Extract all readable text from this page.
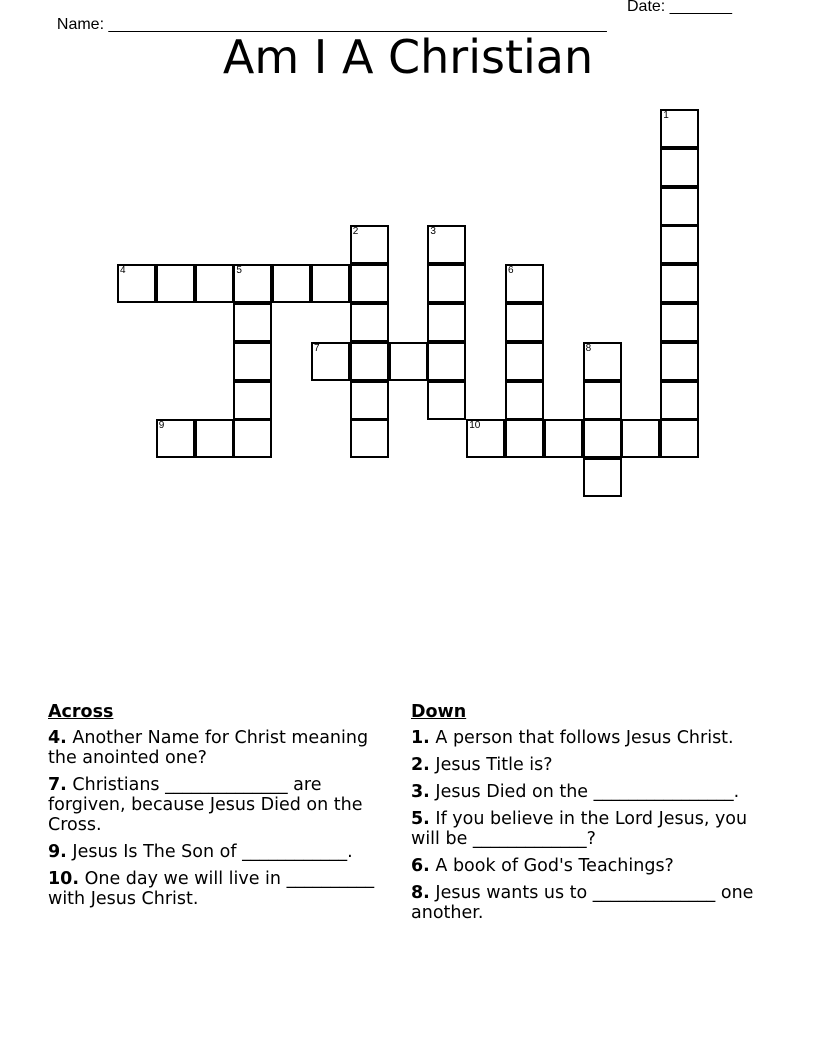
Name: ________________________________________________________

Date: _______

Am I A Christian
1
2	3
4	5	6
7	8
9	10
Across
4. Another Name for Christ meaning the anointed one?
7. Christians ______________ are forgiven, because Jesus Died on the Cross.
9. Jesus Is The Son of ____________.
10. One day we will live in __________ with Jesus Christ.
Down
1. A person that follows Jesus Christ.
2. Jesus Title is?
3. Jesus Died on the ________________.
5. If you believe in the Lord Jesus, you will be _____________?
6. A book of God's Teachings?
8. Jesus wants us to ______________ one another.
